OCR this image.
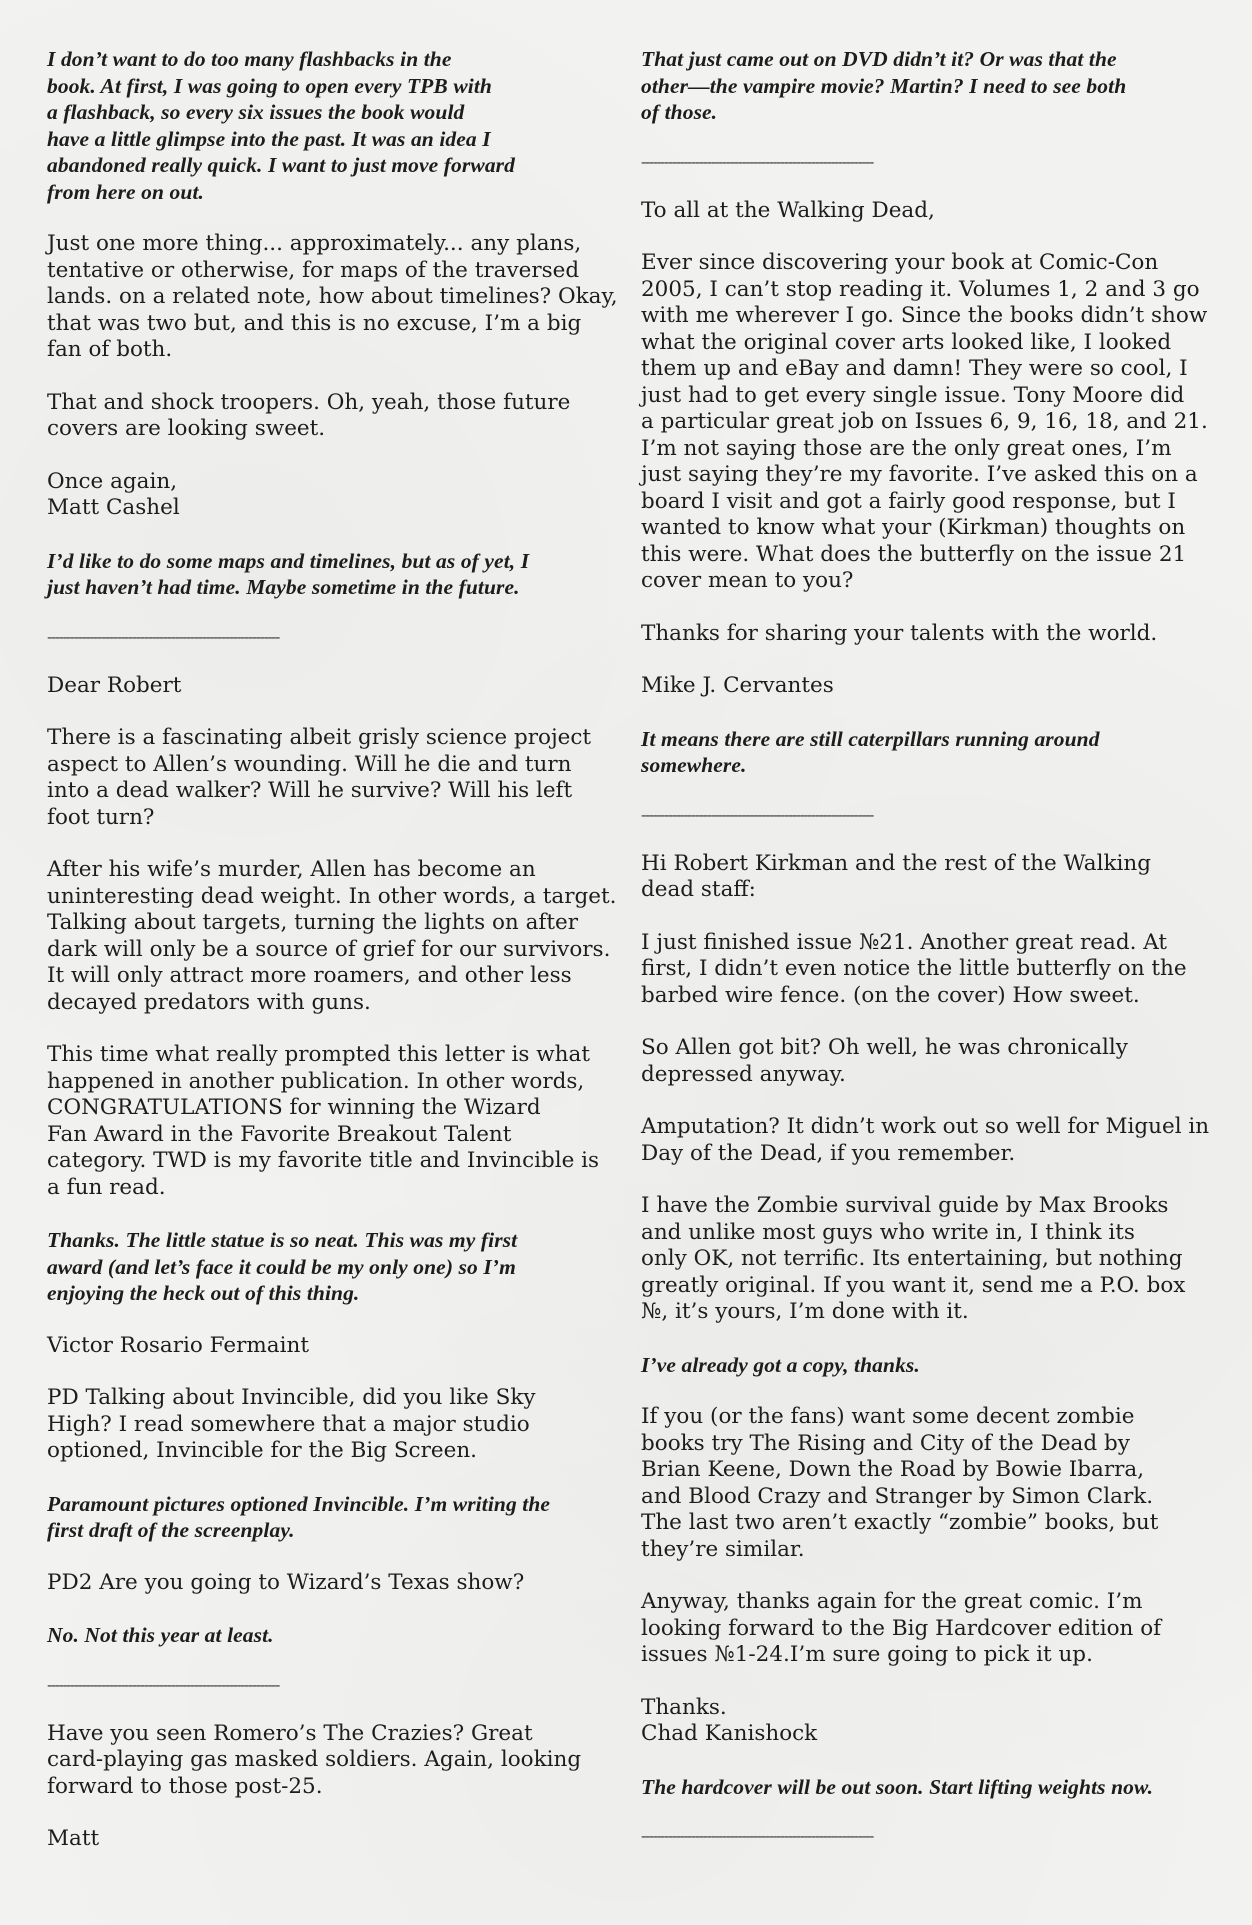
I don’t want to do too many flashbacks in the
book. At first, I was going to open every TPB with
a flashback, so every six issues the book would
have a little glimpse into the past. It was an idea I
abandoned really quick. I want to just move forward
from here on out.
Just one more thing... approximately... any plans,
tentative or otherwise, for maps of the traversed
lands. on a related note, how about timelines? Okay,
that was two but, and this is no excuse, I’m a big
fan of both.
That and shock troopers. Oh, yeah, those future
covers are looking sweet.
Once again,
Matt Cashel
I’d like to do some maps and timelines, but as of yet, I
just haven’t had time. Maybe sometime in the future.
------------------------------------------------------------
Dear Robert
There is a fascinating albeit grisly science project
aspect to Allen’s wounding. Will he die and turn
into a dead walker? Will he survive? Will his left
foot turn?
After his wife’s murder, Allen has become an
uninteresting dead weight. In other words, a target.
Talking about targets, turning the lights on after
dark will only be a source of grief for our survivors.
It will only attract more roamers, and other less
decayed predators with guns.
This time what really prompted this letter is what
happened in another publication. In other words,
CONGRATULATIONS for winning the Wizard
Fan Award in the Favorite Breakout Talent
category. TWD is my favorite title and Invincible is
a fun read.
Thanks. The little statue is so neat. This was my first
award (and let’s face it could be my only one) so I’m
enjoying the heck out of this thing.
Victor Rosario Fermaint
PD Talking about Invincible, did you like Sky
High? I read somewhere that a major studio
optioned, Invincible for the Big Screen.
Paramount pictures optioned Invincible. I’m writing the
first draft of the screenplay.
PD2 Are you going to Wizard’s Texas show?
No. Not this year at least.
------------------------------------------------------------
Have you seen Romero’s The Crazies? Great
card-playing gas masked soldiers. Again, looking
forward to those post-25.
Matt
That just came out on DVD didn’t it? Or was that the
other—the vampire movie? Martin? I need to see both
of those.
------------------------------------------------------------
To all at the Walking Dead,
Ever since discovering your book at Comic-Con
2005, I can’t stop reading it. Volumes 1, 2 and 3 go
with me wherever I go. Since the books didn’t show
what the original cover arts looked like, I looked
them up and eBay and damn! They were so cool, I
just had to get every single issue. Tony Moore did
a particular great job on Issues 6, 9, 16, 18, and 21.
I’m not saying those are the only great ones, I’m
just saying they’re my favorite. I’ve asked this on a
board I visit and got a fairly good response, but I
wanted to know what your (Kirkman) thoughts on
this were. What does the butterfly on the issue 21
cover mean to you?
Thanks for sharing your talents with the world.
Mike J. Cervantes
It means there are still caterpillars running around
somewhere.
------------------------------------------------------------
Hi Robert Kirkman and the rest of the Walking
dead staff:
I just finished issue №21. Another great read. At
first, I didn’t even notice the little butterfly on the
barbed wire fence. (on the cover) How sweet.
So Allen got bit? Oh well, he was chronically
depressed anyway.
Amputation? It didn’t work out so well for Miguel in
Day of the Dead, if you remember.
I have the Zombie survival guide by Max Brooks
and unlike most guys who write in, I think its
only OK, not terrific. Its entertaining, but nothing
greatly original. If you want it, send me a P.O. box
№, it’s yours, I’m done with it.
I’ve already got a copy, thanks.
If you (or the fans) want some decent zombie
books try The Rising and City of the Dead by
Brian Keene, Down the Road by Bowie Ibarra,
and Blood Crazy and Stranger by Simon Clark.
The last two aren’t exactly “zombie” books, but
they’re similar.
Anyway, thanks again for the great comic. I’m
looking forward to the Big Hardcover edition of
issues №1-24.I’m sure going to pick it up.
Thanks.
Chad Kanishock
The hardcover will be out soon. Start lifting weights now.
------------------------------------------------------------
